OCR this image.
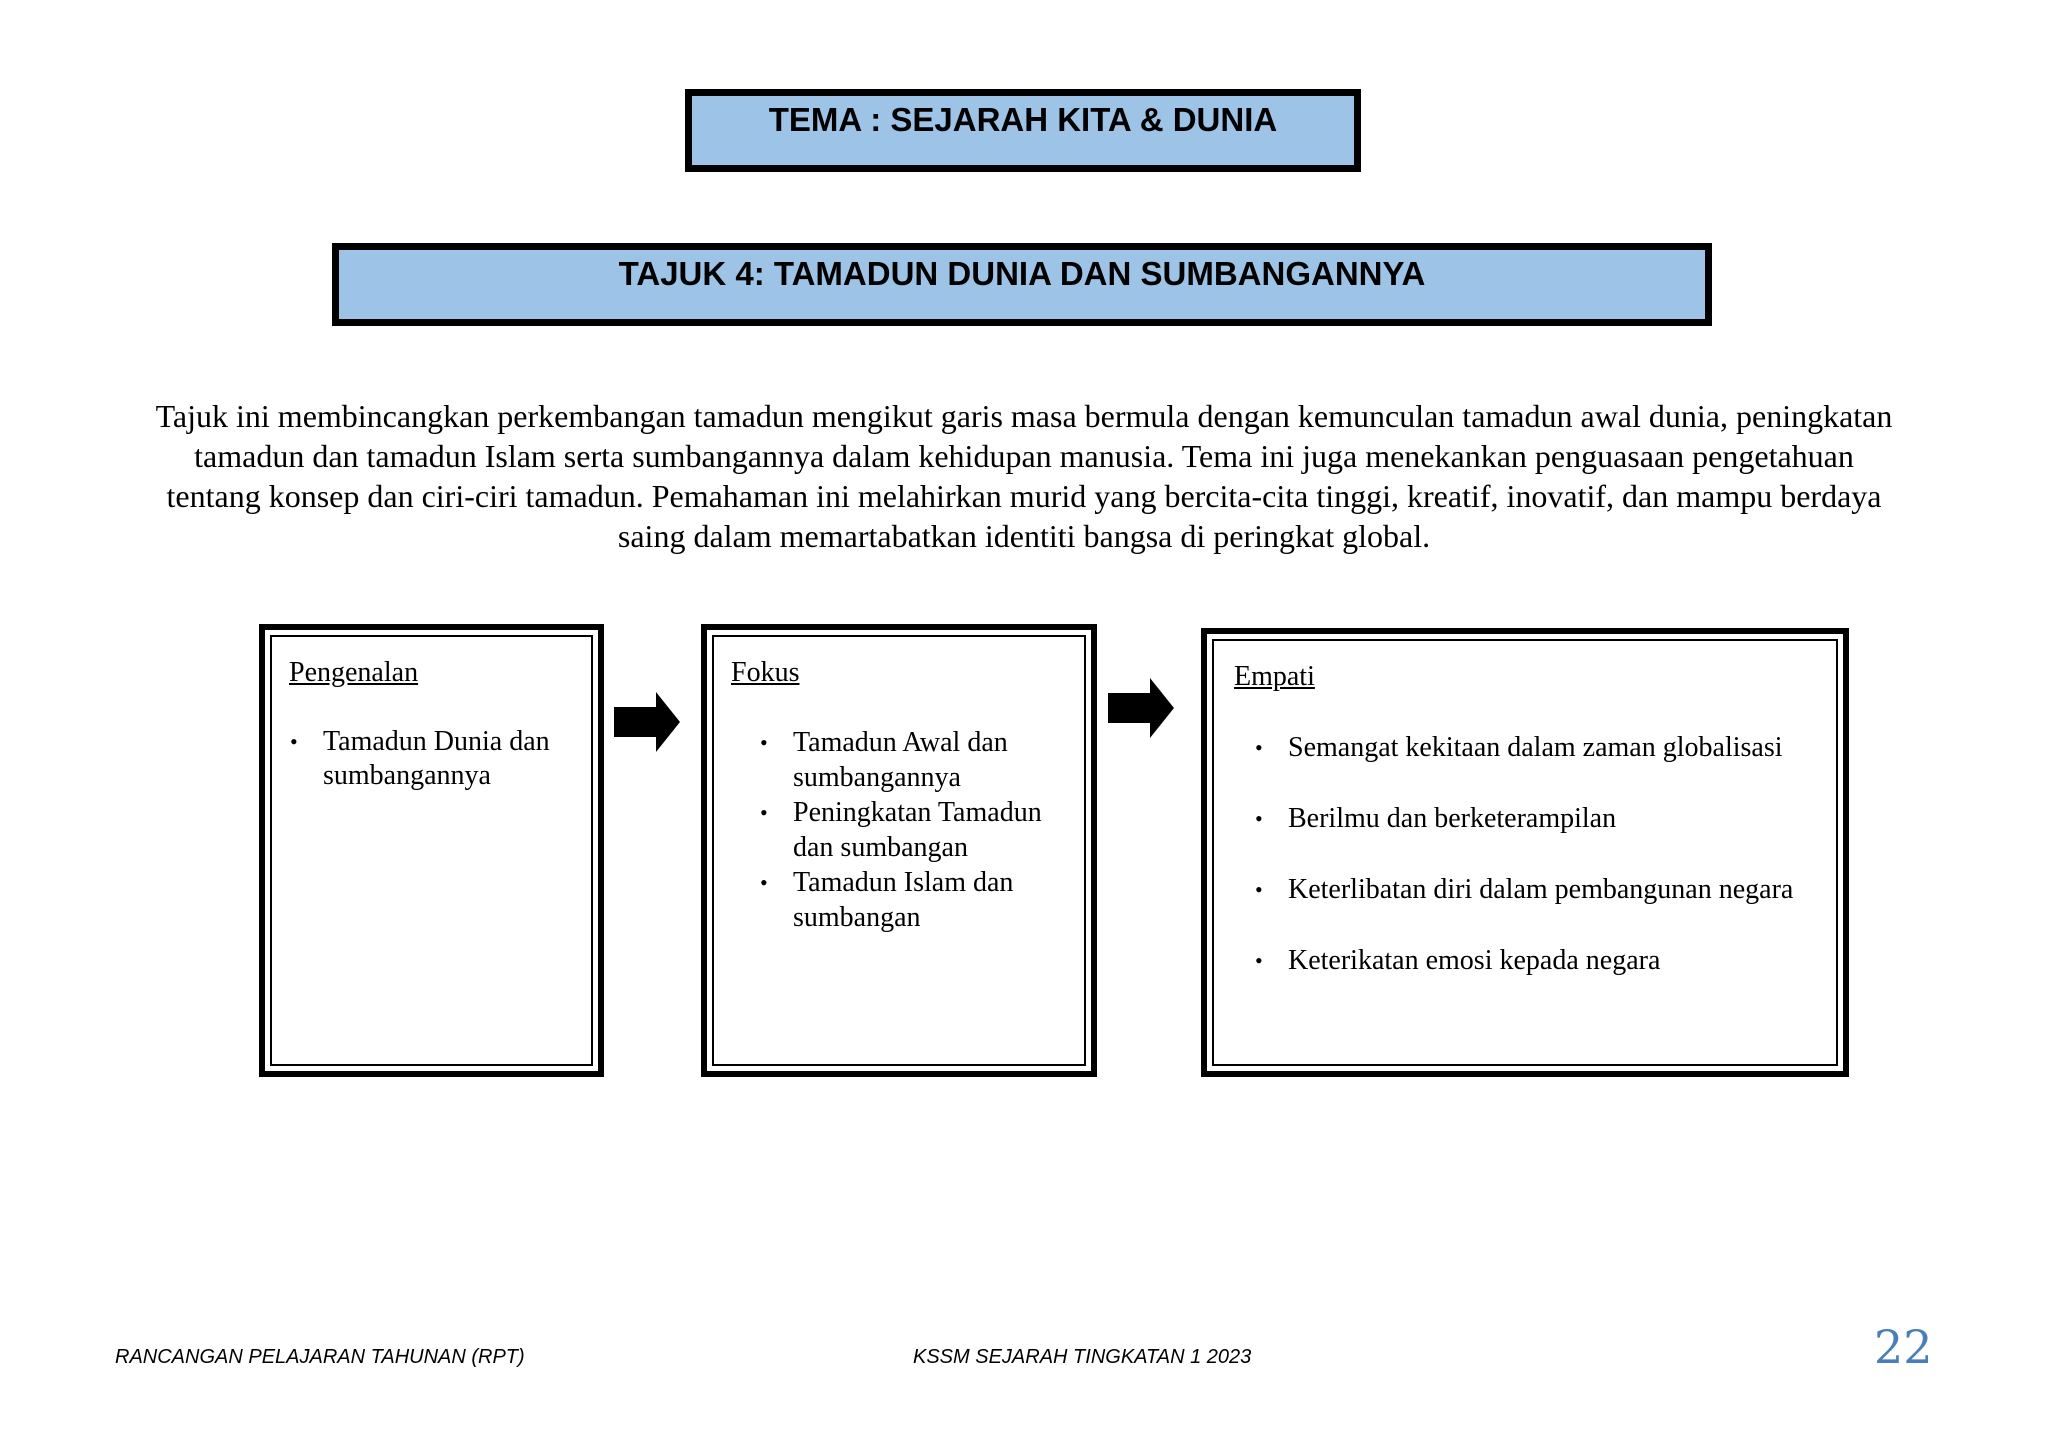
TEMA : SEJARAH KITA & DUNIA
TAJUK 4: TAMADUN DUNIA DAN SUMBANGANNYA

Tajuk ini membincangkan perkembangan tamadun mengikut garis masa bermula dengan kemunculan tamadun awal dunia, peningkatan
tamadun dan tamadun Islam serta sumbangannya dalam kehidupan manusia. Tema ini juga menekankan penguasaan pengetahuan
tentang konsep dan ciri-ciri tamadun. Pemahaman ini melahirkan murid yang bercita-cita tinggi, kreatif, inovatif, dan mampu berdaya
saing dalam memartabatkan identiti bangsa di peringkat global.

Pengenalan

• Tamadun Dunia dan
sumbangannya

Fokus

• Tamadun Awal dan
sumbangannya
• Peningkatan Tamadun
dan sumbangan
• Tamadun Islam dan
sumbangan

Empati

• Semangat kekitaan dalam zaman globalisasi
• Berilmu dan berketerampilan
• Keterlibatan diri dalam pembangunan negara
• Keterikatan emosi kepada negara
RANCANGAN PELAJARAN TAHUNAN (RPT)	KSSM SEJARAH TINGKATAN 1 2023	22
